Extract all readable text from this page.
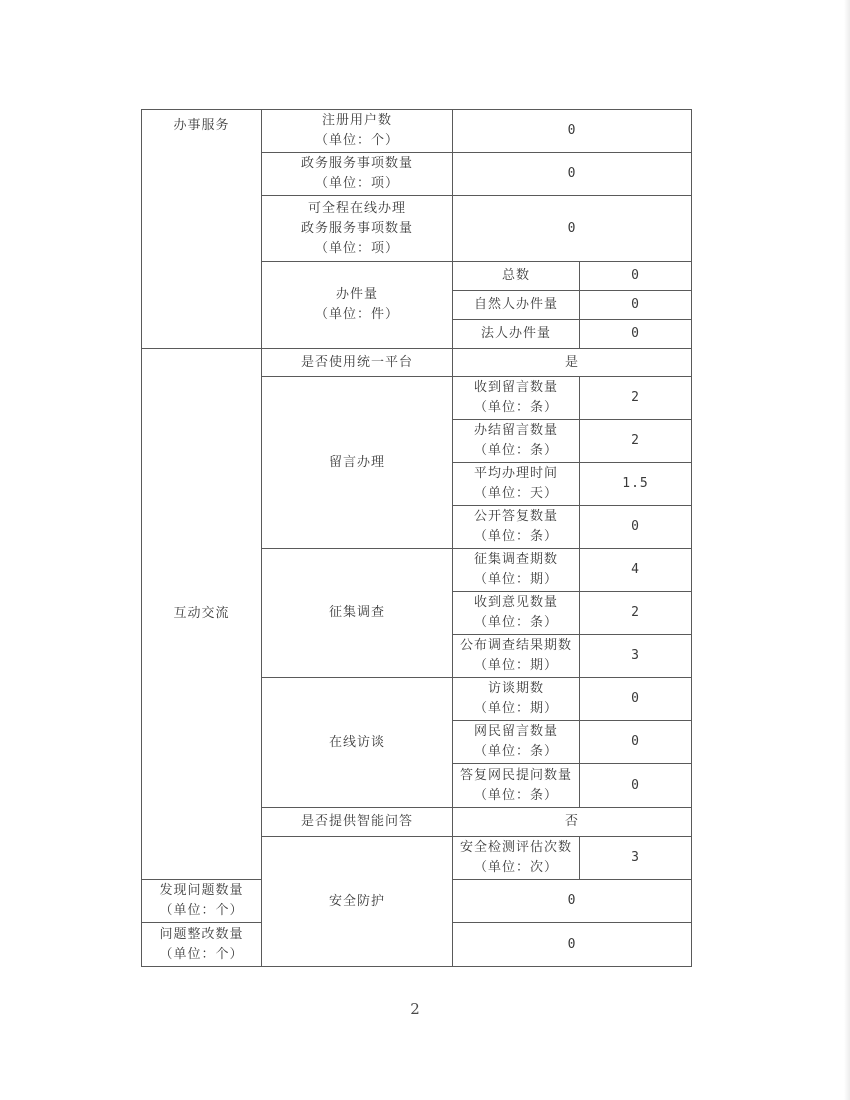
办事服务	注册用户数
（单位：个）	0	

	政务服务事项数量
（单位：项）	0	

	可全程在线办理
政务服务事项数量
（单位：项）	0	

	办件量
（单位：件）	总数	0
		自然人办件量	0
		法人办件量	0

互动交流	是否使用统一平台	是	
	留言办理	收到留言数量
（单位：条）	2

		办结留言数量
（单位：条）	2

		平均办理时间
（单位：天）	1.5

		公开答复数量
（单位：条）	0
	征集调查	征集调查期数
（单位：期）	4

		收到意见数量
（单位：条）	2

		公布调查结果期数
（单位：期）	3
	在线访谈	访谈期数
（单位：期）	0

		网民留言数量
（单位：条）	0

		答复网民提问数量
（单位：条）	0
	是否提供智能问答	否	

	安全防护	安全检测评估次数
（单位：次）	3

发现问题数量
（单位：个）		0	

问题整改数量
（单位：个）		0	
2
